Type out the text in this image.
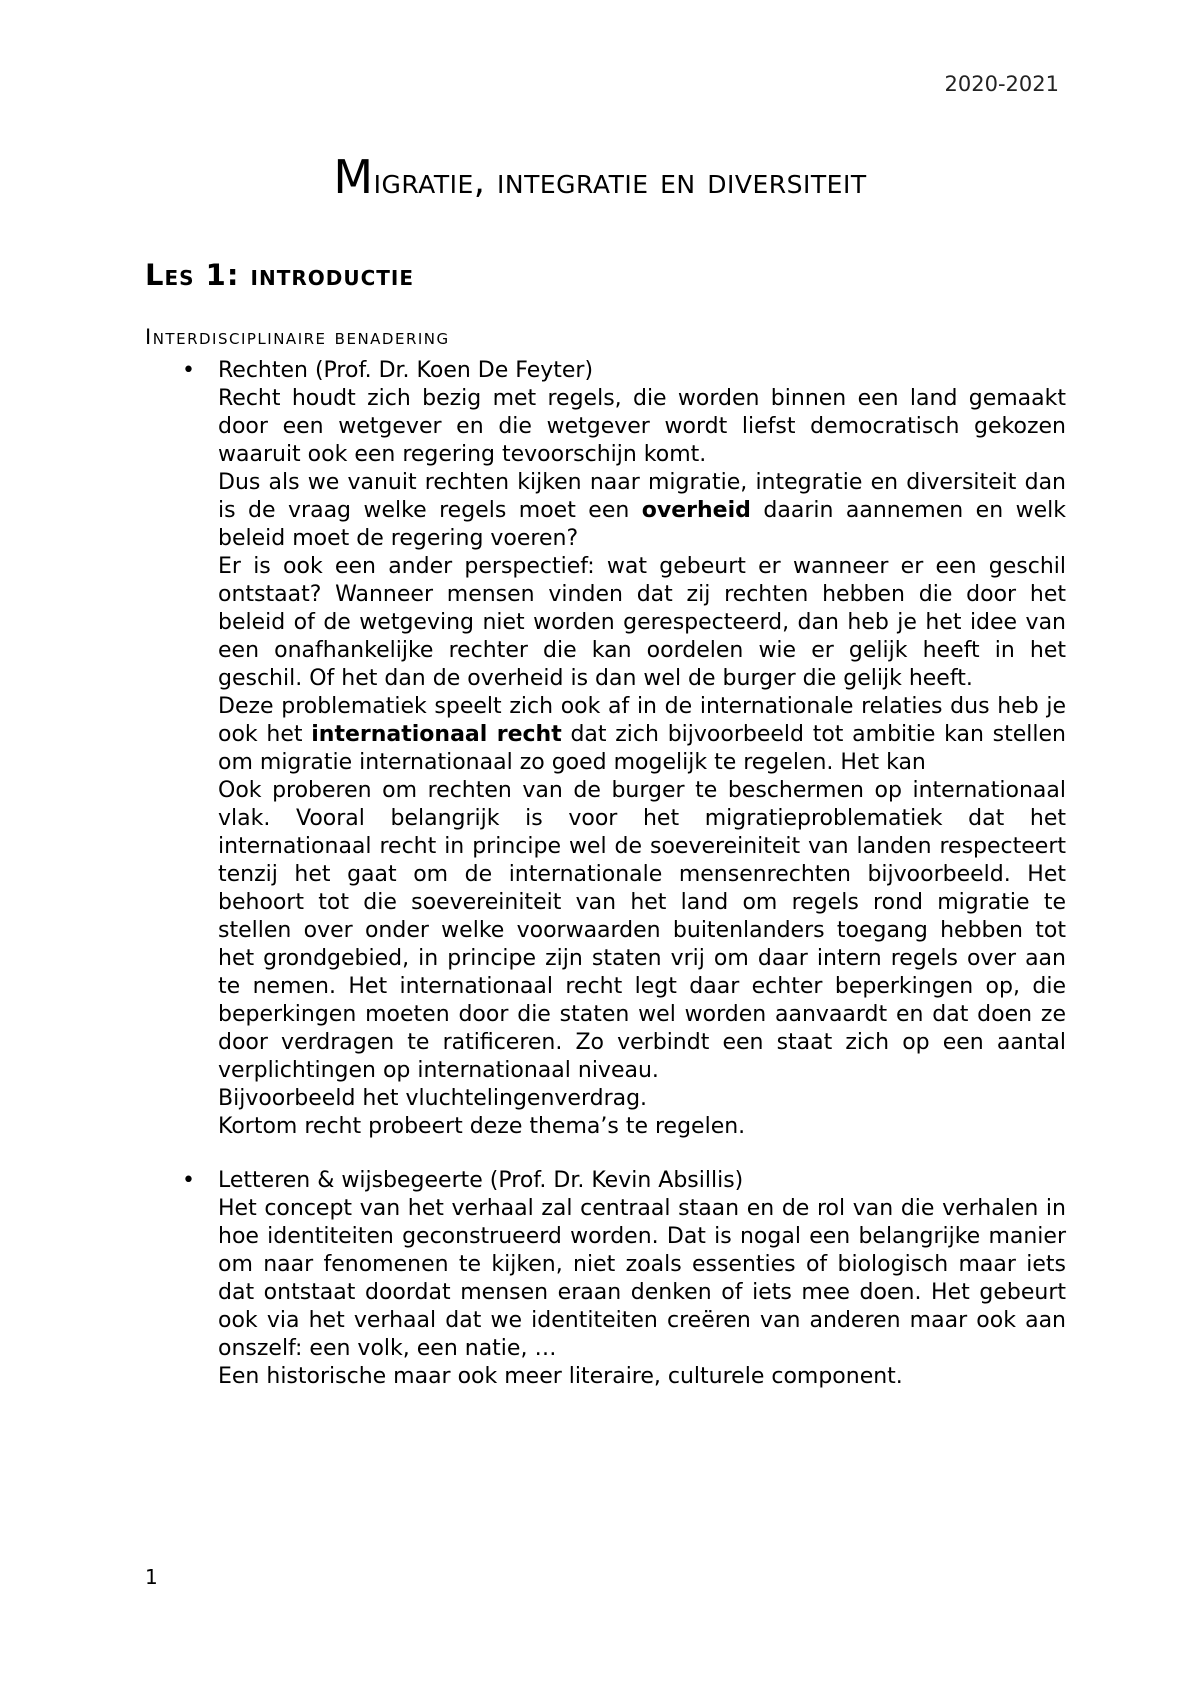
2020-2021
Migratie, integratie en diversiteit
Les 1: introductie
Interdisciplinaire benadering
• Rechten (Prof. Dr. Koen De Feyter)
Recht houdt zich bezig met regels, die worden binnen een land gemaakt door een wetgever en die wetgever wordt liefst democratisch gekozen waaruit ook een regering tevoorschijn komt.
Dus als we vanuit rechten kijken naar migratie, integratie en diversiteit dan is de vraag welke regels moet een overheid daarin aannemen en welk beleid moet de regering voeren?
Er is ook een ander perspectief: wat gebeurt er wanneer er een geschil ontstaat? Wanneer mensen vinden dat zij rechten hebben die door het beleid of de wetgeving niet worden gerespecteerd, dan heb je het idee van een onafhankelijke rechter die kan oordelen wie er gelijk heeft in het geschil. Of het dan de overheid is dan wel de burger die gelijk heeft.
Deze problematiek speelt zich ook af in de internationale relaties dus heb je ook het internationaal recht dat zich bijvoorbeeld tot ambitie kan stellen om migratie internationaal zo goed mogelijk te regelen. Het kan
Ook proberen om rechten van de burger te beschermen op internationaal vlak. Vooral belangrijk is voor het migratieproblematiek dat het internationaal recht in principe wel de soevereiniteit van landen respecteert tenzij het gaat om de internationale mensenrechten bijvoorbeeld. Het behoort tot die soevereiniteit van het land om regels rond migratie te stellen over onder welke voorwaarden buitenlanders toegang hebben tot het grondgebied, in principe zijn staten vrij om daar intern regels over aan te nemen. Het internationaal recht legt daar echter beperkingen op, die beperkingen moeten door die staten wel worden aanvaardt en dat doen ze door verdragen te ratificeren. Zo verbindt een staat zich op een aantal verplichtingen op internationaal niveau.
Bijvoorbeeld het vluchtelingenverdrag.
Kortom recht probeert deze thema’s te regelen.
• Letteren & wijsbegeerte (Prof. Dr. Kevin Absillis)
Het concept van het verhaal zal centraal staan en de rol van die verhalen in hoe identiteiten geconstrueerd worden. Dat is nogal een belangrijke manier om naar fenomenen te kijken, niet zoals essenties of biologisch maar iets dat ontstaat doordat mensen eraan denken of iets mee doen. Het gebeurt ook via het verhaal dat we identiteiten creëren van anderen maar ook aan onszelf: een volk, een natie, …
Een historische maar ook meer literaire, culturele component.
1
